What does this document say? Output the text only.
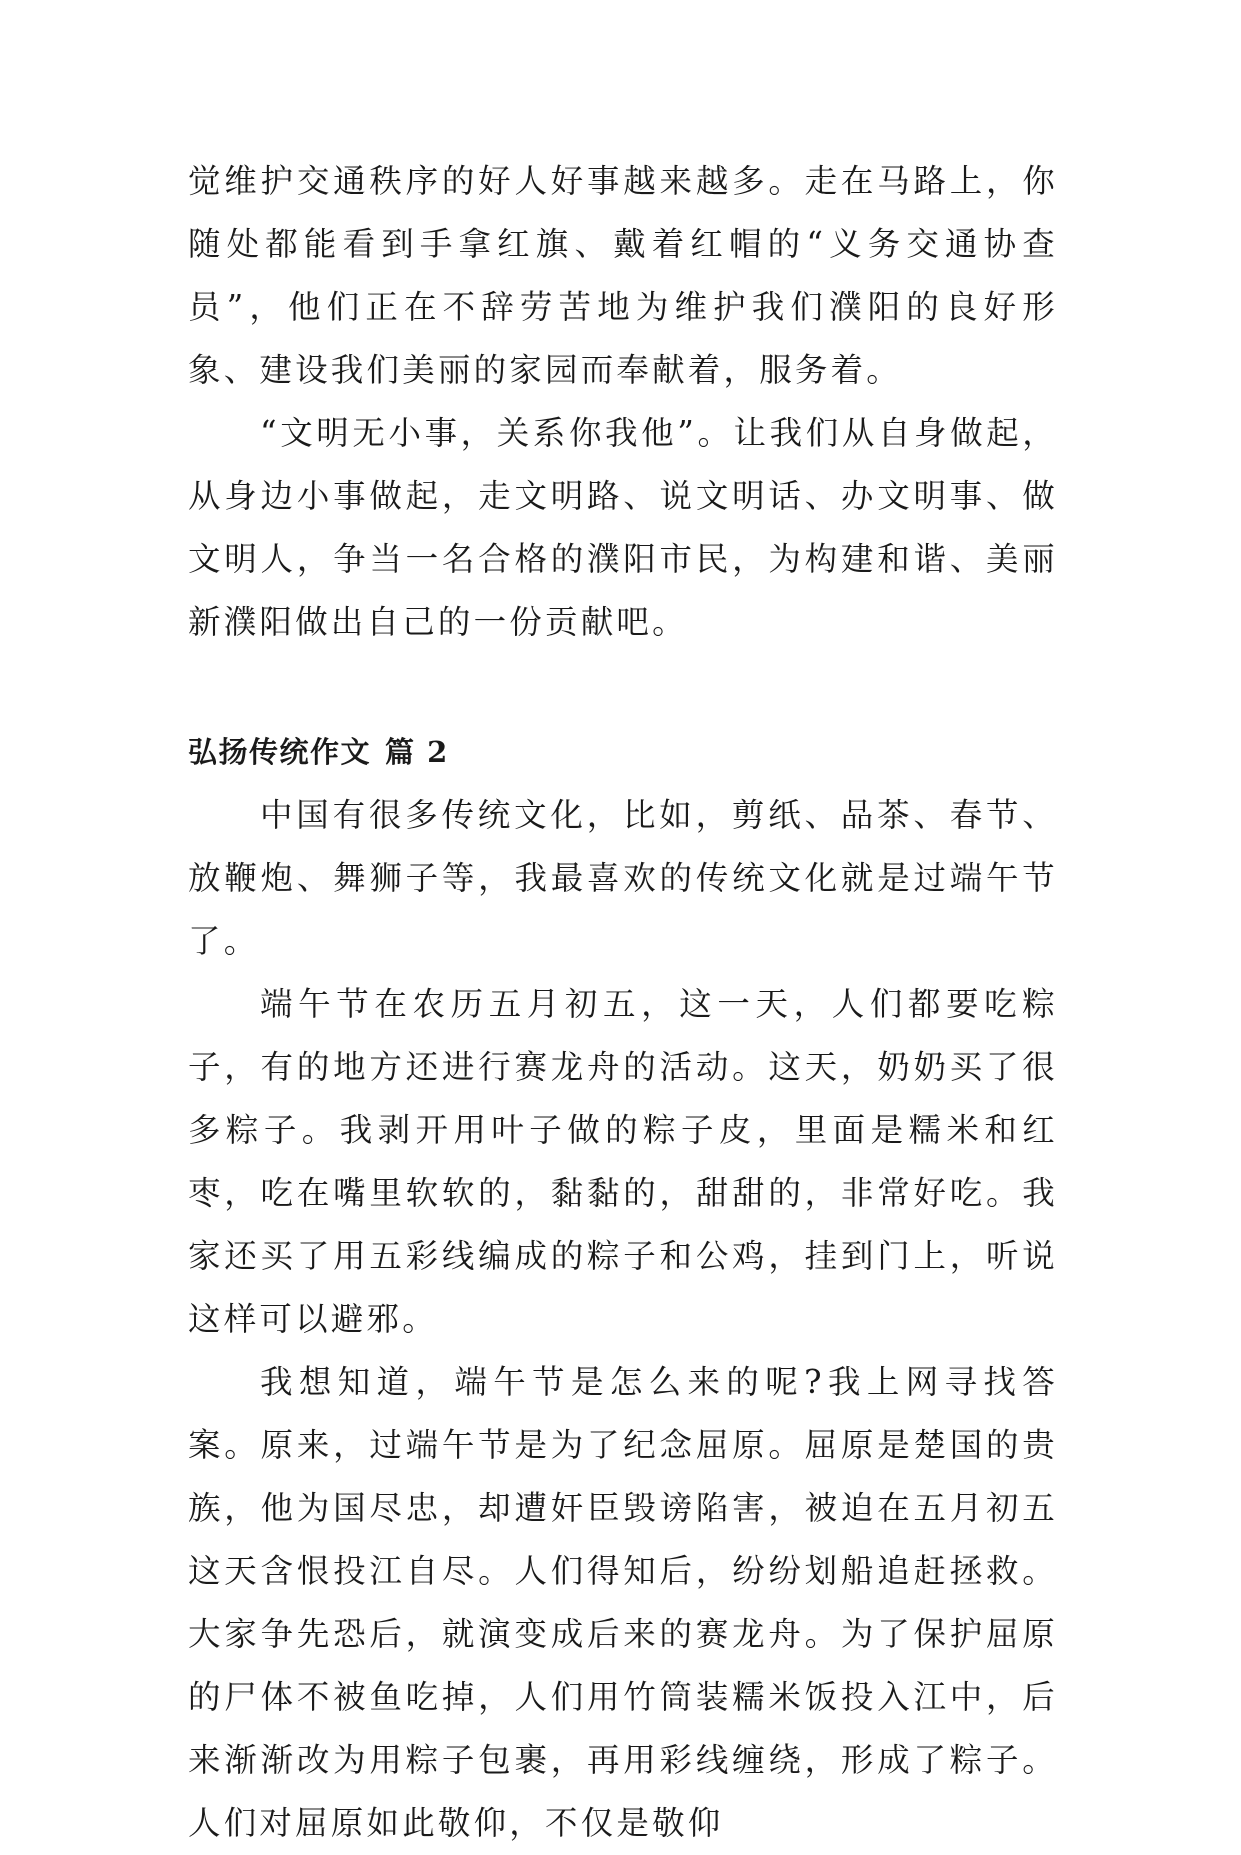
觉维护交通秩序的好人好事越来越多。走在马路上，你随处都能看到手拿红旗、戴着红帽的“义务交通协查员”，他们正在不辞劳苦地为维护我们濮阳的良好形象、建设我们美丽的家园而奉献着，服务着。

“文明无小事，关系你我他”。让我们从自身做起，从身边小事做起，走文明路、说文明话、办文明事、做文明人，争当一名合格的濮阳市民，为构建和谐、美丽新濮阳做出自己的一份贡献吧。

弘扬传统作文 篇 2

中国有很多传统文化，比如，剪纸、品茶、春节、放鞭炮、舞狮子等，我最喜欢的传统文化就是过端午节了。

端午节在农历五月初五，这一天，人们都要吃粽子，有的地方还进行赛龙舟的活动。这天，奶奶买了很多粽子。我剥开用叶子做的粽子皮，里面是糯米和红枣，吃在嘴里软软的，黏黏的，甜甜的，非常好吃。我家还买了用五彩线编成的粽子和公鸡，挂到门上，听说这样可以避邪。

我想知道，端午节是怎么来的呢?我上网寻找答案。原来，过端午节是为了纪念屈原。屈原是楚国的贵族，他为国尽忠，却遭奸臣毁谤陷害，被迫在五月初五这天含恨投江自尽。人们得知后，纷纷划船追赶拯救。大家争先恐后，就演变成后来的赛龙舟。为了保护屈原的尸体不被鱼吃掉，人们用竹筒装糯米饭投入江中，后来渐渐改为用粽子包裹，再用彩线缠绕，形成了粽子。人们对屈原如此敬仰，不仅是敬仰
